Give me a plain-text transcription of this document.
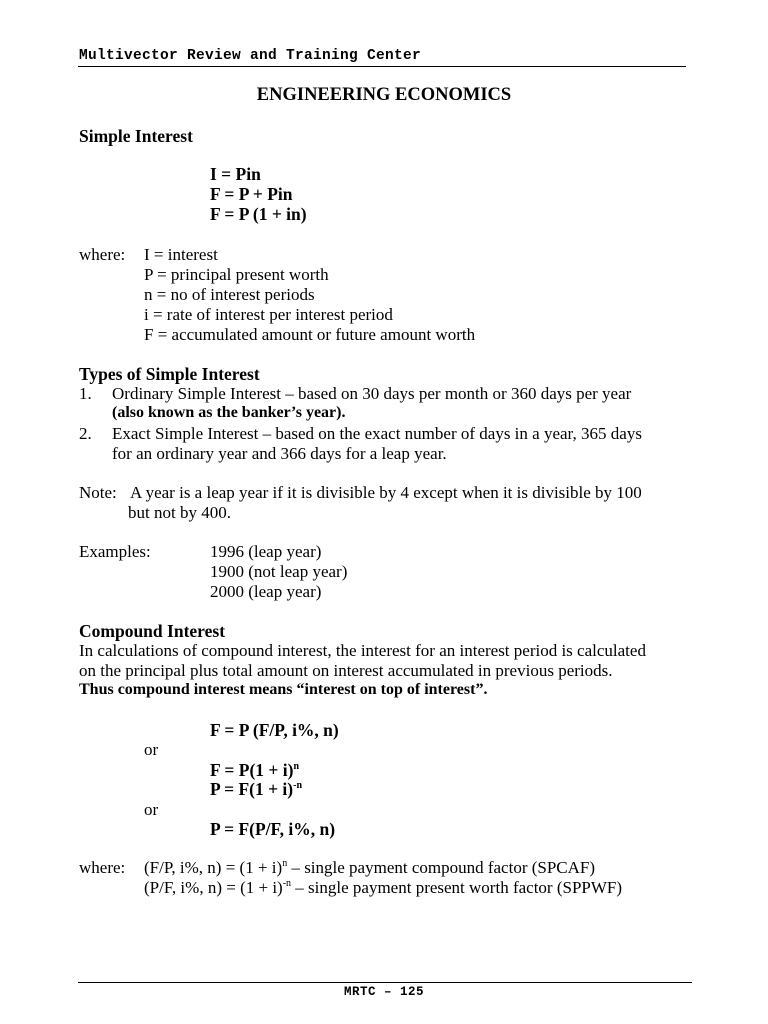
Multivector Review and Training Center
ENGINEERING ECONOMICS
Simple Interest
I = Pin
F = P + Pin
F = P (1 + in)
where: I = interest
P = principal present worth
n = no of interest periods
i = rate of interest per interest period
F = accumulated amount or future amount worth
Types of Simple Interest
1. Ordinary Simple Interest – based on 30 days per month or 360 days per year
(also known as the banker’s year).
2. Exact Simple Interest – based on the exact number of days in a year, 365 days
for an ordinary year and 366 days for a leap year.
Note: A year is a leap year if it is divisible by 4 except when it is divisible by 100
but not by 400.
Examples:	1996 (leap year)
1900 (not leap year)
2000 (leap year)
Compound Interest
In calculations of compound interest, the interest for an interest period is calculated
on the principal plus total amount on interest accumulated in previous periods.
Thus compound interest means “interest on top of interest”.
F = P (F/P, i%, n)
or
$F = P(1 + i)^n$
$P = F(1 + i)^{-n}$
or
P = F(P/F, i%, n)
where: (F/P, i%, $n) = (1 + i)^n$ – single payment compound factor (SPCAF)
(P/F, i%, $n) = (1 + i)^{-n}$ – single payment present worth factor (SPPWF)
MRTC – 125
